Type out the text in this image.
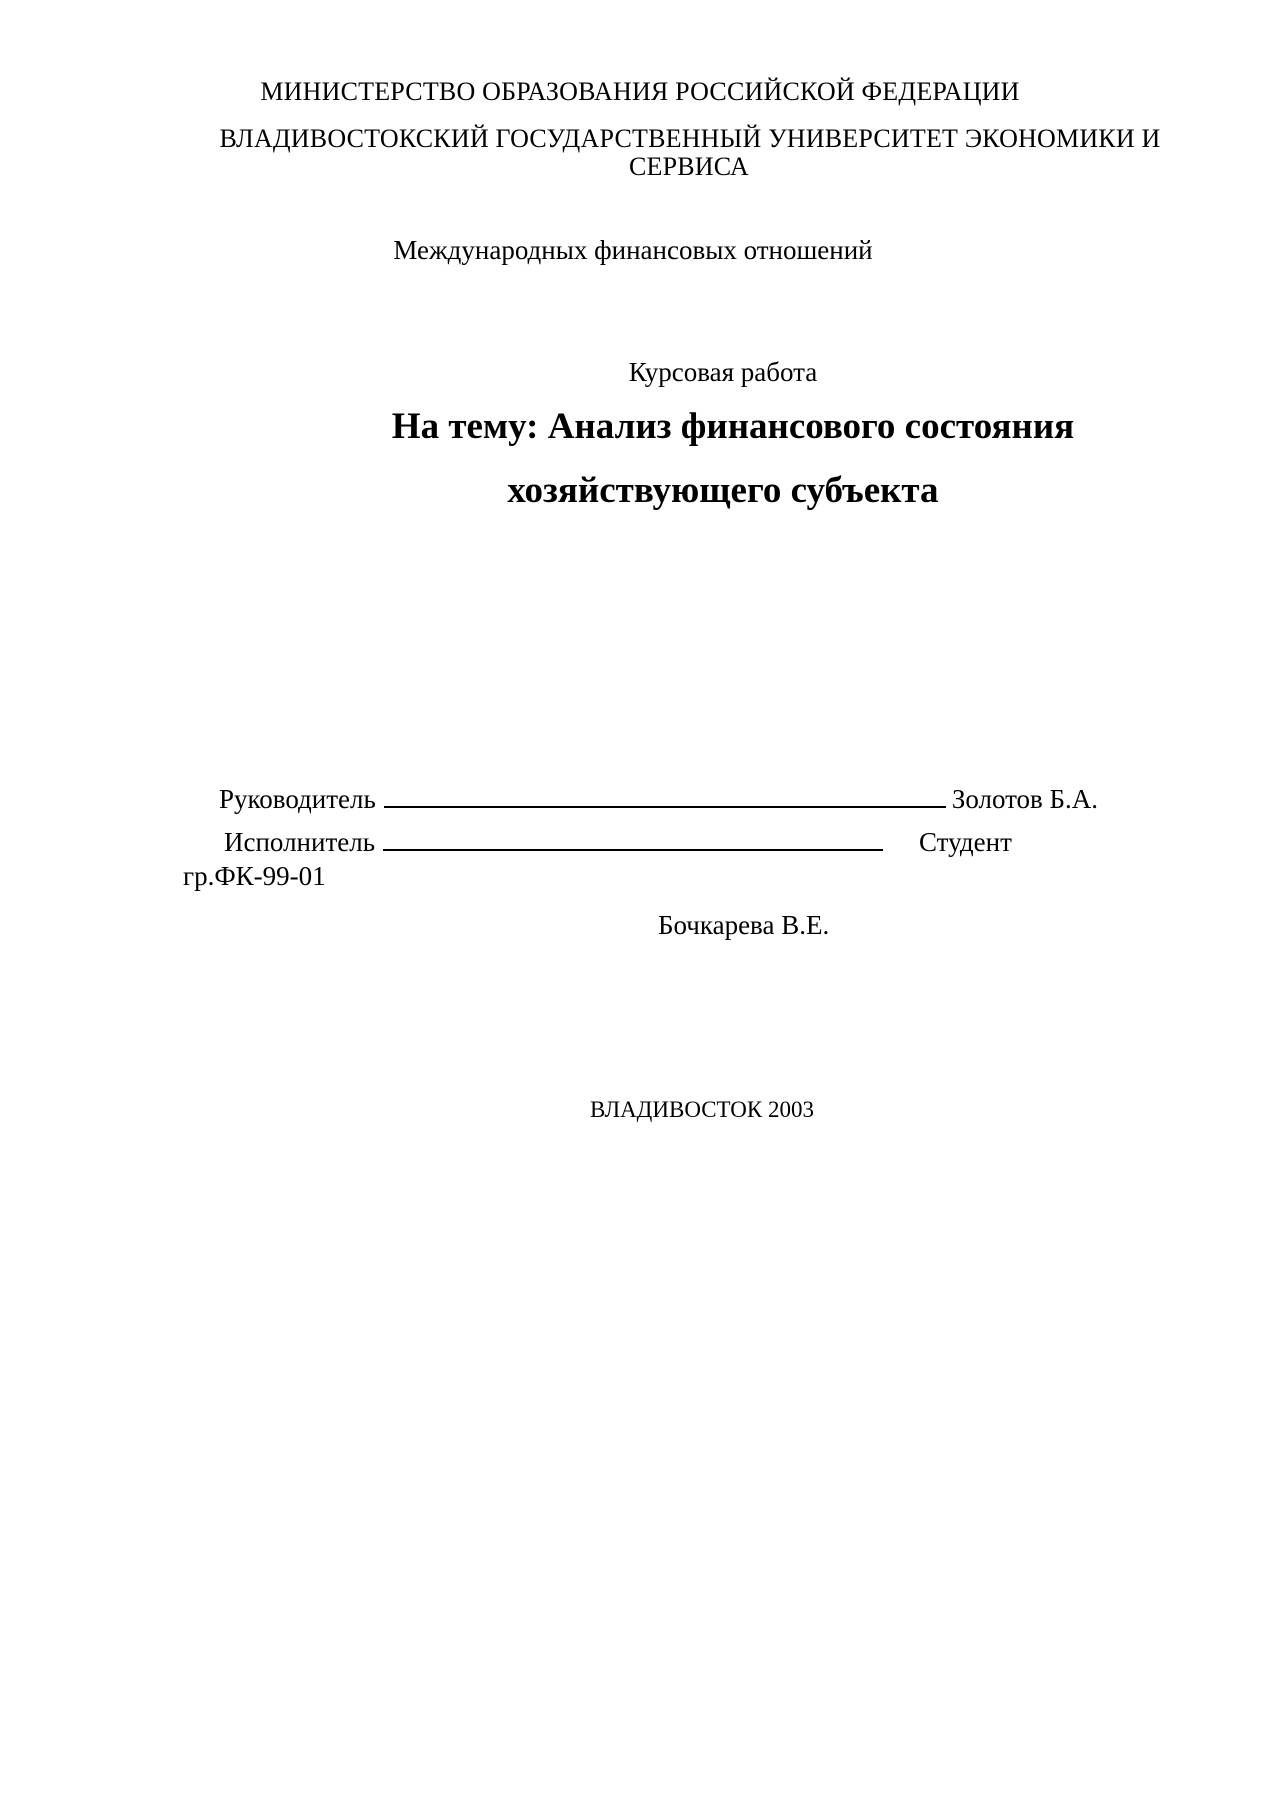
МИНИСТЕРСТВО ОБРАЗОВАНИЯ РОССИЙСКОЙ ФЕДЕРАЦИИ
ВЛАДИВОСТОКСКИЙ ГОСУДАРСТВЕННЫЙ УНИВЕРСИТЕТ ЭКОНОМИКИ И
СЕРВИСА
Международных финансовых отношений
Курсовая работа
На тему: Анализ финансового состояния
хозяйствующего субъекта
Руководитель	Золотов Б.А.
Исполнитель	Студент
гр.ФК-99-01
Бочкарева В.Е.
ВЛАДИВОСТОК 2003
